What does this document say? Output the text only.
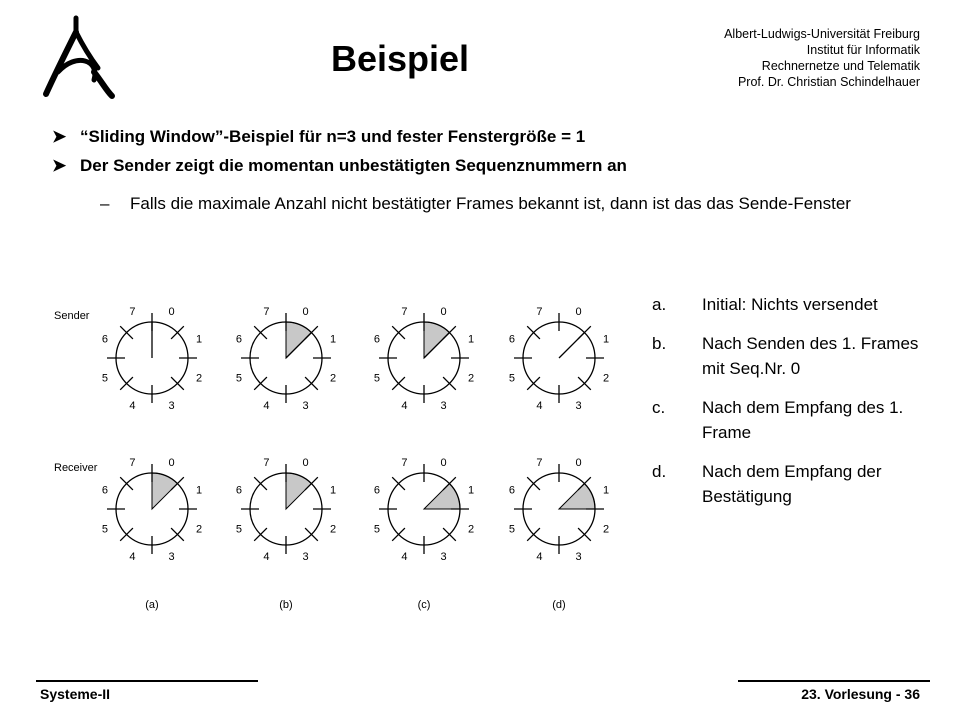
Beispiel
Albert-Ludwigs-Universität Freiburg
Institut für Informatik
Rechnernetze und Telematik
Prof. Dr. Christian Schindelhauer
➤ “Sliding Window”-Beispiel für n=3 und fester Fenstergröße = 1
➤ Der Sender zeigt die momentan unbestätigten Sequenznummern an
–	Falls die maximale Anzahl nicht bestätigter Frames bekannt ist, dann ist das das Sende-Fenster
Sender
Receiver
0
1
2
3
4
5
6
7	0
1
2
3
4
5
6
7	0
1
2
3
4
5
6
7	0
1
2
3
4
5
6
7
0
1
2
3
4
5
6
7	0
1
2
3
4
5
6
7	0
1
2
3
4
5
6
7	0
1
2
3
4
5
6
7
(a)	(b)	(c)	(d)
a. Initial: Nichts versendet
b. Nach Senden des 1. Frames mit Seq.Nr. 0
c. Nach dem Empfang des 1. Frame
d. Nach dem Empfang der Bestätigung
Systeme-II	23. Vorlesung - 36
